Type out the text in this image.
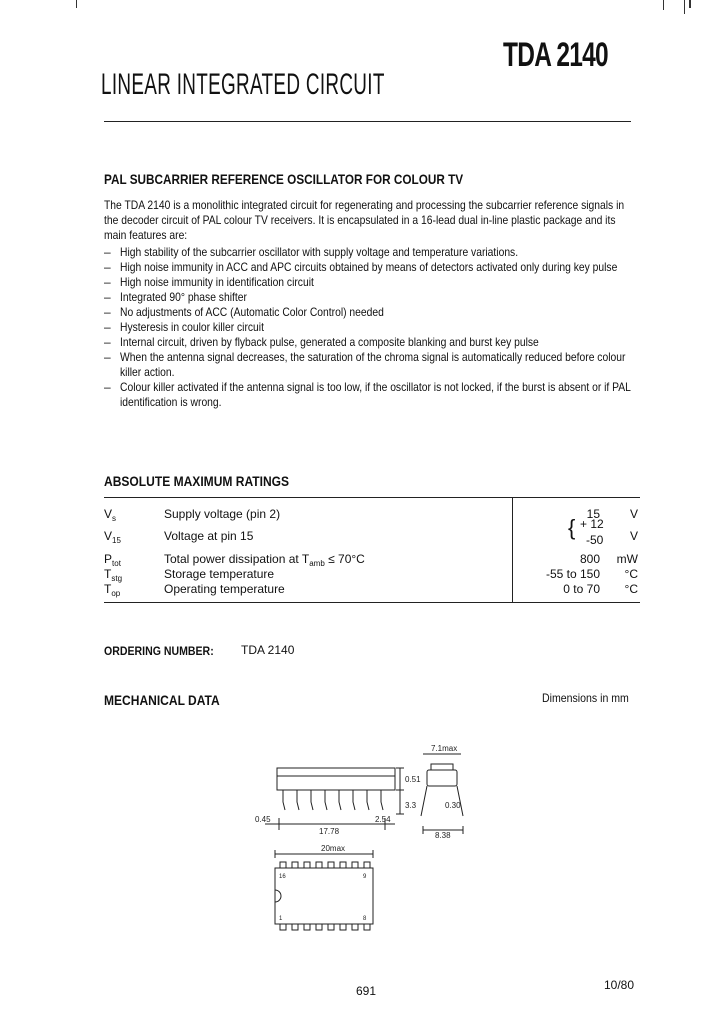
TDA 2140
LINEAR INTEGRATED CIRCUIT
PAL SUBCARRIER REFERENCE OSCILLATOR FOR COLOUR TV
The TDA 2140 is a monolithic integrated circuit for regenerating and processing the subcarrier reference signals in the decoder circuit of PAL colour TV receivers. It is encapsulated in a 16-lead dual in-line plastic package and its main features are:
– High stability of the subcarrier oscillator with supply voltage and temperature variations.
– High noise immunity in ACC and APC circuits obtained by means of detectors activated only during key pulse
– High noise immunity in identification circuit
– Integrated 90° phase shifter
– No adjustments of ACC (Automatic Color Control) needed
– Hysteresis in coulor killer circuit
– Internal circuit, driven by flyback pulse, generated a composite blanking and burst key pulse
– When the antenna signal decreases, the saturation of the chroma signal is automatically reduced before colour killer action.
– Colour killer activated if the antenna signal is too low, if the oscillator is not locked, if the burst is absent or if PAL identification is wrong.
ABSOLUTE MAXIMUM RATINGS
$V_s$	Supply voltage (pin 2)	15 V
$V_{15}$	Voltage at pin 15	{ + 12
-50 V
$P_{tot}$	Total power dissipation at $T_{amb} \le 70^\circ C$	800 mW
$T_{stg}$	Storage temperature	-55 to 150 °C
$T_{op}$	Operating temperature	0 to 70 °C
ORDERING NUMBER:	TDA 2140
MECHANICAL DATA	Dimensions in mm
7.1max
0.45
17.78
2.54
3.3
0.51
0.30
8.38
20max
16	9
1	8
691	10/80
